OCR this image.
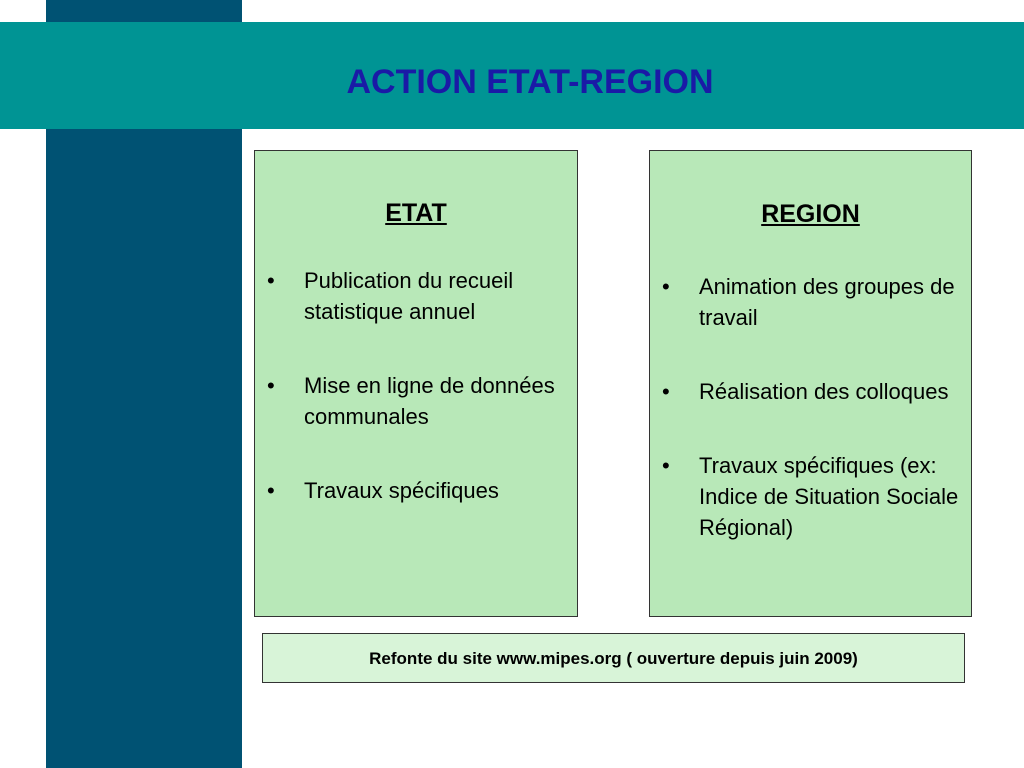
ACTION ETAT-REGION
ETAT
• Publication du recueil statistique annuel
• Mise en ligne de données communales
• Travaux spécifiques
REGION
• Animation des groupes de travail
• Réalisation des colloques
• Travaux spécifiques (ex: Indice de Situation Sociale Régional)
Refonte du site www.mipes.org ( ouverture depuis juin 2009)
